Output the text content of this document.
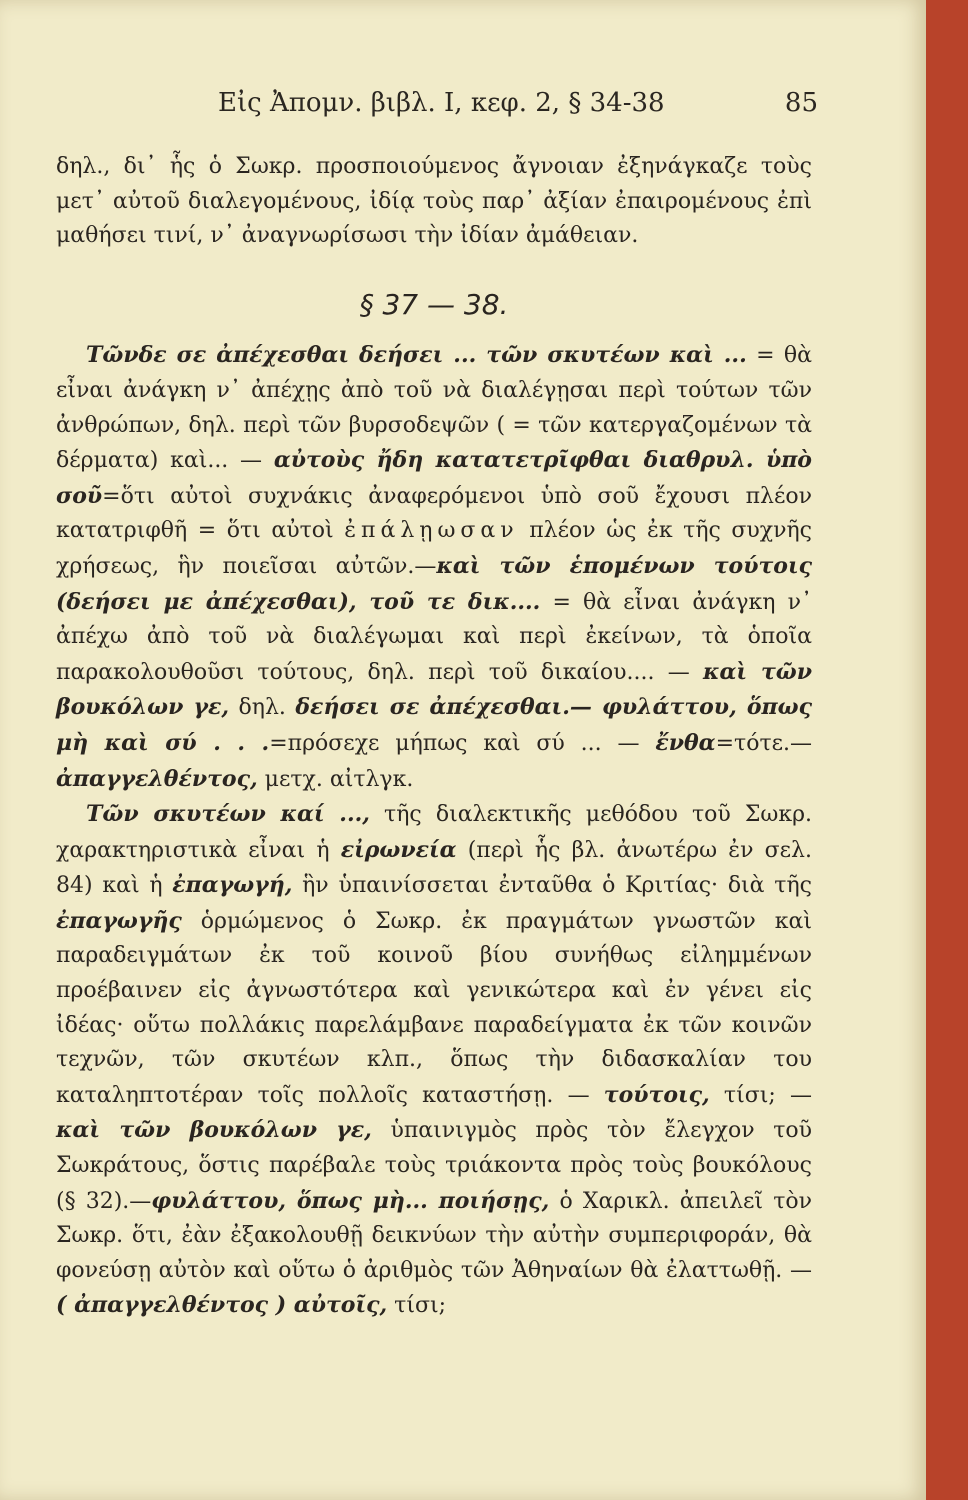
Εἰς Ἀπομν. βιβλ. Ι, κεφ. 2, § 34-38	85

δηλ., δι᾿ ἧς ὁ Σωκρ. προσποιούμενος ἄγνοιαν ἐξηνάγκαζε τοὺς μετ᾿ αὐτοῦ διαλεγομένους, ἰδίᾳ τοὺς παρ᾿ ἀξίαν ἐπαιρομένους ἐπὶ μαθήσει τινί, ν᾿ ἀναγνωρίσωσι τὴν ἰδίαν ἀμάθειαν.

§ 37 — 38.

Τῶνδε σε ἀπέχεσθαι δεήσει ... τῶν σκυτέων καὶ ... = θὰ εἶναι ἀνάγκη ν᾿ ἀπέχῃς ἀπὸ τοῦ νὰ διαλέγῃσαι περὶ τούτων τῶν ἀνθρώπων, δηλ. περὶ τῶν βυρσοδεψῶν ( = τῶν κατεργαζομένων τὰ δέρματα) καὶ... — αὐτοὺς ἤδη κατατετρῖφθαι διαθρυλ. ὑπὸ σοῦ=ὅτι αὐτοὶ συχνάκις ἀναφερόμενοι ὑπὸ σοῦ ἔχουσι πλέον κατατριφθῆ = ὅτι αὐτοὶ ἐπάλῃωσαν πλέον ὡς ἐκ τῆς συχνῆς χρήσεως, ἣν ποιεῖσαι αὐτῶν.—καὶ τῶν ἑπομένων τούτοις (δεήσει με ἀπέχεσθαι), τοῦ τε δικ.... = θὰ εἶναι ἀνάγκη ν᾿ ἀπέχω ἀπὸ τοῦ νὰ διαλέγωμαι καὶ περὶ ἐκείνων, τὰ ὁποῖα παρακολουθοῦσι τούτους, δηλ. περὶ τοῦ δικαίου.... — καὶ τῶν βουκόλων γε, δηλ. δεήσει σε ἀπέχεσθαι.— φυλάττου, ὅπως μὴ καὶ σύ . . .=πρόσεχε μήπως καὶ σύ ... — ἔνθα=τότε.—ἀπαγγελθέντος, μετχ. αἰτλγκ.

Τῶν σκυτέων καί ..., τῆς διαλεκτικῆς μεθόδου τοῦ Σωκρ. χαρακτηριστικὰ εἶναι ἡ εἰρωνεία (περὶ ἧς βλ. ἀνωτέρω ἐν σελ. 84) καὶ ἡ ἐπαγωγή, ἣν ὑπαινίσσεται ἐνταῦθα ὁ Κριτίας· διὰ τῆς ἐπαγωγῆς ὁρμώμενος ὁ Σωκρ. ἐκ πραγμάτων γνωστῶν καὶ παραδειγμάτων ἐκ τοῦ κοινοῦ βίου συνήθως εἰλημμένων προέβαινεν εἰς ἀγνωστότερα καὶ γενικώτερα καὶ ἐν γένει εἰς ἰδέας· οὕτω πολλάκις παρελάμβανε παραδείγματα ἐκ τῶν κοινῶν τεχνῶν, τῶν σκυτέων κλπ., ὅπως τὴν διδασκαλίαν του καταληπτοτέραν τοῖς πολλοῖς καταστήσῃ. — τούτοις, τίσι; — καὶ τῶν βουκόλων γε, ὑπαινιγμὸς πρὸς τὸν ἔλεγχον τοῦ Σωκράτους, ὅστις παρέβαλε τοὺς τριάκοντα πρὸς τοὺς βουκόλους (§ 32).—φυλάττου, ὅπως μὴ... ποιήσῃς, ὁ Χαρικλ. ἀπειλεῖ τὸν Σωκρ. ὅτι, ἐὰν ἐξακολουθῇ δεικνύων τὴν αὐτὴν συμπεριφοράν, θὰ φονεύσῃ αὐτὸν καὶ οὕτω ὁ ἀριθμὸς τῶν Ἀθηναίων θὰ ἐλαττωθῇ. — ( ἀπαγγελθέντος ) αὐτοῖς, τίσι;
